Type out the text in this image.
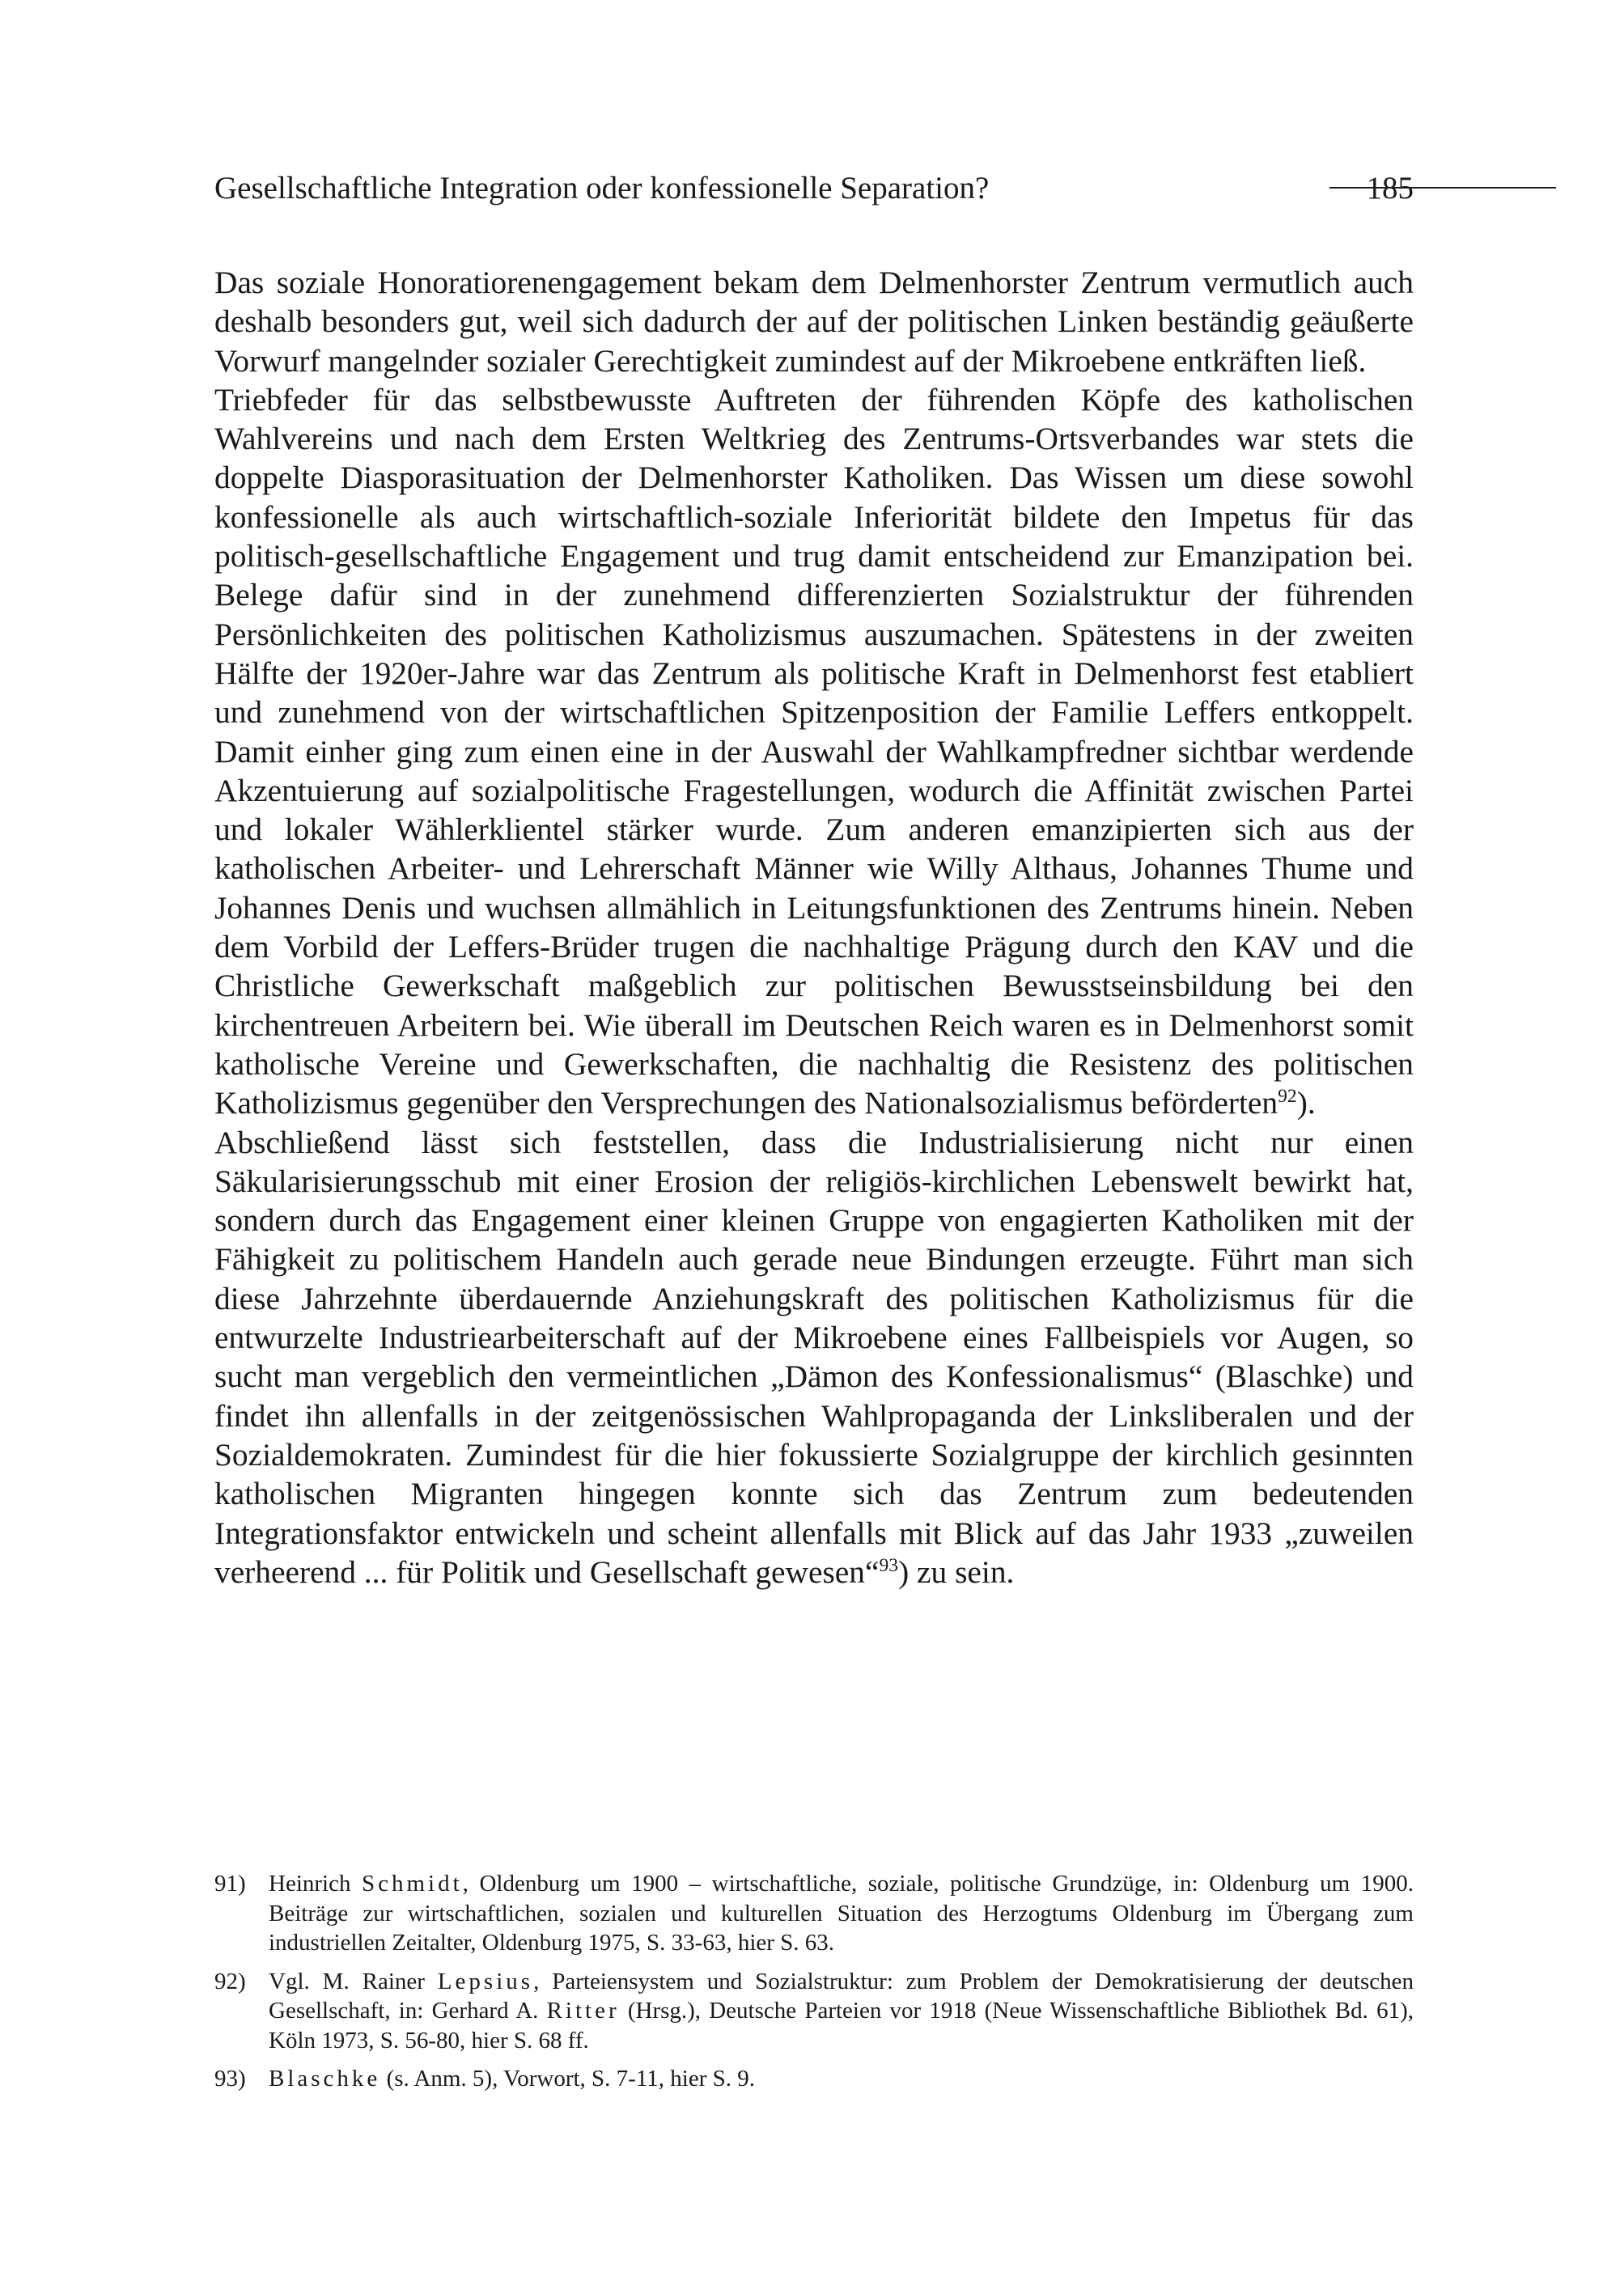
Gesellschaftliche Integration oder konfessionelle Separation?	185

Das soziale Honoratiorenengagement bekam dem Delmenhorster Zentrum vermutlich auch deshalb besonders gut, weil sich dadurch der auf der politischen Linken beständig geäußerte Vorwurf mangelnder sozialer Gerechtigkeit zumindest auf der Mikroebene entkräften ließ.

Triebfeder für das selbstbewusste Auftreten der führenden Köpfe des katholischen Wahlvereins und nach dem Ersten Weltkrieg des Zentrums-Ortsverbandes war stets die doppelte Diasporasituation der Delmenhorster Katholiken. Das Wissen um diese sowohl konfessionelle als auch wirtschaftlich-soziale Inferiorität bildete den Impetus für das politisch-gesellschaftliche Engagement und trug damit entscheidend zur Emanzipation bei. Belege dafür sind in der zunehmend differenzierten Sozialstruktur der führenden Persönlichkeiten des politischen Katholizismus auszumachen. Spätestens in der zweiten Hälfte der 1920er-Jahre war das Zentrum als politische Kraft in Delmenhorst fest etabliert und zunehmend von der wirtschaftlichen Spitzenposition der Familie Leffers entkoppelt. Damit einher ging zum einen eine in der Auswahl der Wahlkampfredner sichtbar werdende Akzentuierung auf sozialpolitische Fragestellungen, wodurch die Affinität zwischen Partei und lokaler Wählerklientel stärker wurde. Zum anderen emanzipierten sich aus der katholischen Arbeiter- und Lehrerschaft Männer wie Willy Althaus, Johannes Thume und Johannes Denis und wuchsen allmählich in Leitungsfunktionen des Zentrums hinein. Neben dem Vorbild der Leffers-Brüder trugen die nachhaltige Prägung durch den KAV und die Christliche Gewerkschaft maßgeblich zur politischen Bewusstseinsbildung bei den kirchentreuen Arbeitern bei. Wie überall im Deutschen Reich waren es in Delmenhorst somit katholische Vereine und Gewerkschaften, die nachhaltig die Resistenz des politischen Katholizismus gegenüber den Versprechungen des Nationalsozialismus beförderten$^{92}$).

Abschließend lässt sich feststellen, dass die Industrialisierung nicht nur einen Säkularisierungsschub mit einer Erosion der religiös-kirchlichen Lebenswelt bewirkt hat, sondern durch das Engagement einer kleinen Gruppe von engagierten Katholiken mit der Fähigkeit zu politischem Handeln auch gerade neue Bindungen erzeugte. Führt man sich diese Jahrzehnte überdauernde Anziehungskraft des politischen Katholizismus für die entwurzelte Industriearbeiterschaft auf der Mikroebene eines Fallbeispiels vor Augen, so sucht man vergeblich den vermeintlichen „Dämon des Konfessionalismus“ (Blaschke) und findet ihn allenfalls in der zeitgenössischen Wahlpropaganda der Linksliberalen und der Sozialdemokraten. Zumindest für die hier fokussierte Sozialgruppe der kirchlich gesinnten katholischen Migranten hingegen konnte sich das Zentrum zum bedeutenden Integrationsfaktor entwickeln und scheint allenfalls mit Blick auf das Jahr 1933 „zuweilen verheerend ... für Politik und Gesellschaft gewesen“$^{93}$) zu sein.

91) Heinrich Schmidt, Oldenburg um 1900 – wirtschaftliche, soziale, politische Grundzüge, in: Oldenburg um 1900. Beiträge zur wirtschaftlichen, sozialen und kulturellen Situation des Herzogtums Oldenburg im Übergang zum industriellen Zeitalter, Oldenburg 1975, S. 33-63, hier S. 63.
92) Vgl. M. Rainer Lepsius, Parteiensystem und Sozialstruktur: zum Problem der Demokratisierung der deutschen Gesellschaft, in: Gerhard A. Ritter (Hrsg.), Deutsche Parteien vor 1918 (Neue Wissenschaftliche Bibliothek Bd. 61), Köln 1973, S. 56-80, hier S. 68 ff.
93) Blaschke (s. Anm. 5), Vorwort, S. 7-11, hier S. 9.
